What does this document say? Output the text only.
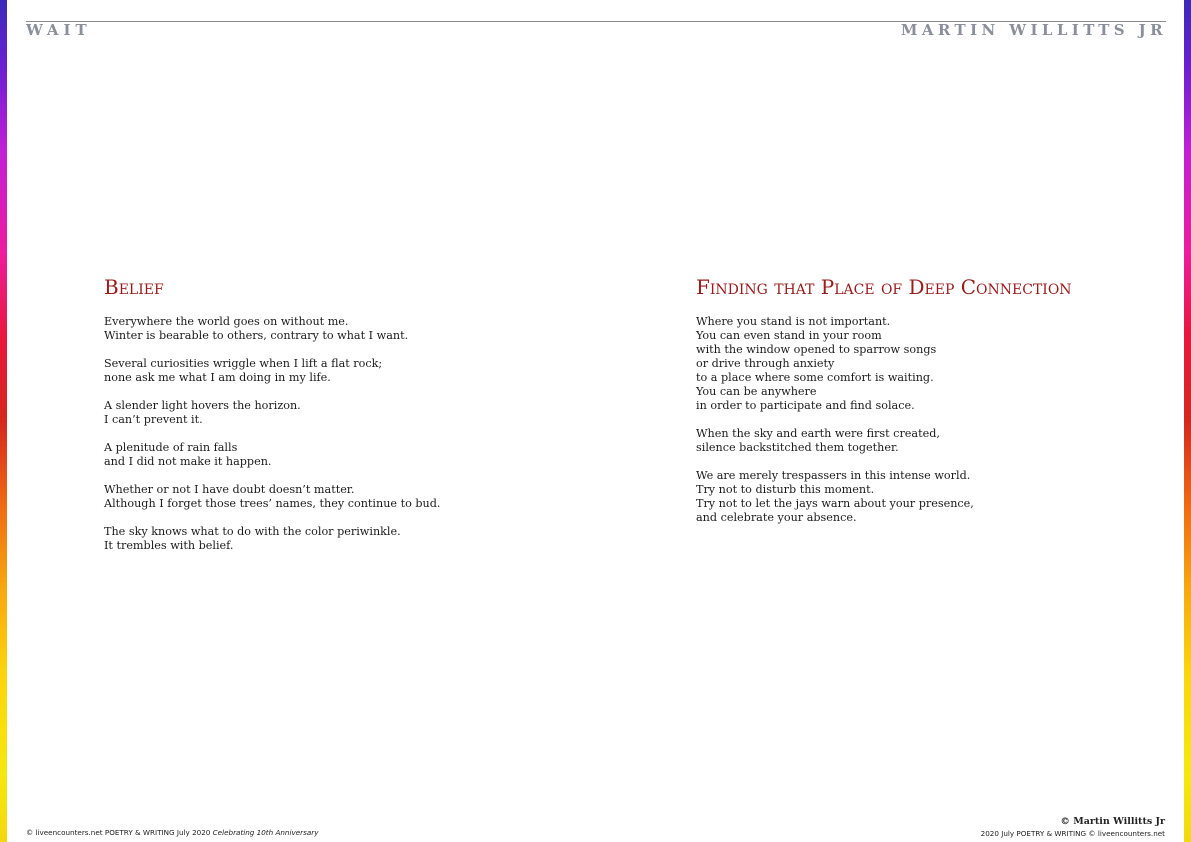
WAIT	MARTIN WILLITTS JR
Belief
Everywhere the world goes on without me.
Winter is bearable to others, contrary to what I want.
Several curiosities wriggle when I lift a flat rock;
none ask me what I am doing in my life.
A slender light hovers the horizon.
I can’t prevent it.
A plenitude of rain falls
and I did not make it happen.
Whether or not I have doubt doesn’t matter.
Although I forget those trees’ names, they continue to bud.
The sky knows what to do with the color periwinkle.
It trembles with belief.
Finding that Place of Deep Connection
Where you stand is not important.
You can even stand in your room
with the window opened to sparrow songs
or drive through anxiety
to a place where some comfort is waiting.
You can be anywhere
in order to participate and find solace.
When the sky and earth were first created,
silence backstitched them together.
We are merely trespassers in this intense world.
Try not to disturb this moment.
Try not to let the jays warn about your presence,
and celebrate your absence.
© liveencounters.net POETRY & WRITING July 2020 Celebrating 10th Anniversary
© Martin Willitts Jr
2020 July POETRY & WRITING © liveencounters.net
